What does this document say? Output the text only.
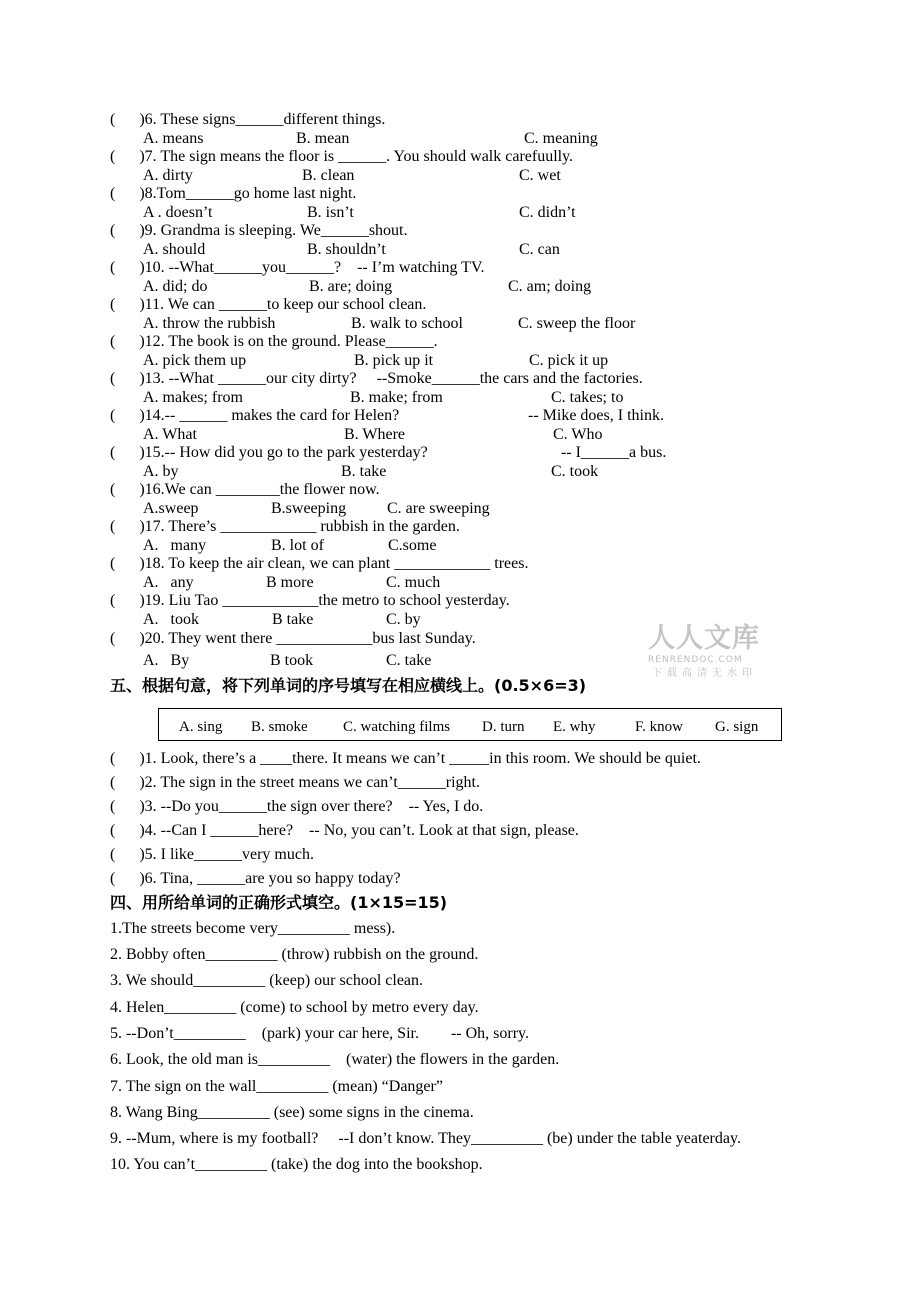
(      )6. These signs______different things.
A. means	B. mean	C. meaning
(      )7. The sign means the floor is ______. You should walk carefuully.
A. dirty	B. clean	C. wet
(      )8.Tom______go home last night.
A . doesn’t	B. isn’t	C. didn’t
(      )9. Grandma is sleeping. We______shout.
A. should	B. shouldn’t	C. can
(      )10. --What______you______?    -- I’m watching TV.
A. did; do	B. are; doing	C. am; doing
(      )11. We can ______to keep our school clean.
A. throw the rubbish	B. walk to school	C. sweep the floor
(      )12. The book is on the ground. Please______.
A. pick them up	B. pick up it	C. pick it up
(      )13. --What ______our city dirty?     --Smoke______the cars and the factories.
A. makes; from	B. make; from	C. takes; to
(      )14.-- ______ makes the card for Helen?	-- Mike does, I think.
A. What	B. Where	C. Who
(      )15.-- How did you go to the park yesterday?	-- I______a bus.
A. by	B. take	C. took
(      )16.We can ________the flower now.
A.sweep	B.sweeping	C. are sweeping
(      )17. There’s ____________ rubbish in the garden.
A.   many	B. lot of	C.some
(      )18. To keep the air clean, we can plant ____________ trees.
A.   any	B more	C. much
(      )19. Liu Tao ____________the metro to school yesterday.
A.   took	B take	C. by
(      )20. They went there ____________bus last Sunday.
A.   By	B took	C. take
五、根据句意，将下列单词的序号填写在相应横线上。(0.5×6=3)
A. sing B. smoke C. watching films D. turn E. why	F. know G. sign
(      )1. Look, there’s a ____there. It means we can’t _____in this room. We should be quiet.
(      )2. The sign in the street means we can’t______right.
(      )3. --Do you______the sign over there?    -- Yes, I do.
(      )4. --Can I ______here?    -- No, you can’t. Look at that sign, please.
(      )5. I like______very much.
(      )6. Tina, ______are you so happy today?
四、用所给单词的正确形式填空。(1×15=15)
1.The streets become very_________ mess).
2. Bobby often_________ (throw) rubbish on the ground.
3. We should_________ (keep) our school clean.
4. Helen_________ (come) to school by metro every day.
5. --Don’t_________    (park) your car here, Sir.        -- Oh, sorry.
6. Look, the old man is_________    (water) the flowers in the garden.
7. The sign on the wall_________ (mean) “Danger”
8. Wang Bing_________ (see) some signs in the cinema.
9. --Mum, where is my football?     --I don’t know. They_________ (be) under the table yeaterday.
10. You can’t_________ (take) the dog into the bookshop.
人人文库
RENRENDOC.COM
下载高清无水印
